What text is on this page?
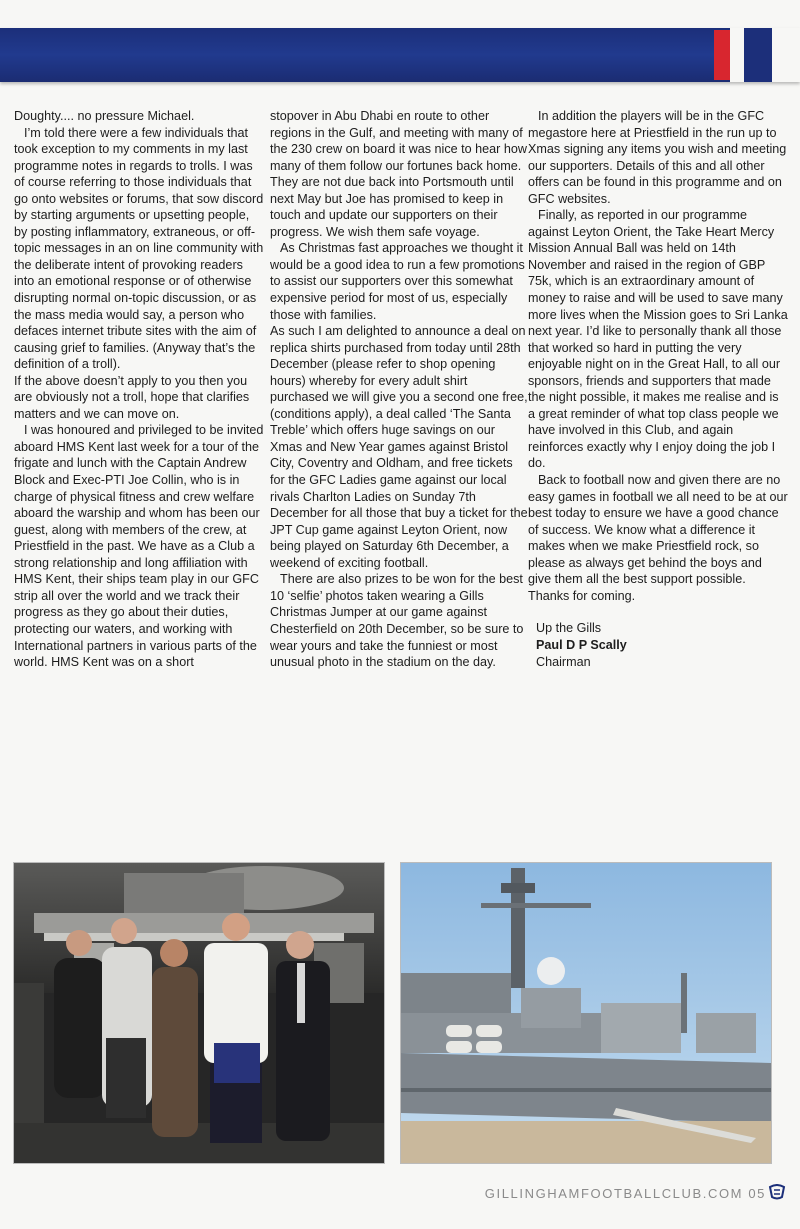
Doughty.... no pressure Michael.

I’m told there were a few individuals that took exception to my comments in my last programme notes in regards to trolls. I was of course referring to those individuals that go onto websites or forums, that sow discord by starting arguments or upsetting people, by posting inflammatory, extraneous, or off- topic messages in an on line community with the deliberate intent of provoking readers into an emotional response or of otherwise disrupting normal on-topic discussion, or as the mass media would say, a person who defaces internet tribute sites with the aim of causing grief to families. (Anyway that’s the definition of a troll).

If the above doesn’t apply to you then you are obviously not a troll, hope that clarifies matters and we can move on.

I was honoured and privileged to be invited aboard HMS Kent last week for a tour of the frigate and lunch with the Captain Andrew Block and Exec-PTI Joe Collin, who is in charge of physical fitness and crew welfare aboard the warship and whom has been our guest, along with members of the crew, at Priestfield in the past. We have as a Club a strong relationship and long affiliation with HMS Kent, their ships team play in our GFC strip all over the world and we track their progress as they go about their duties, protecting our waters, and working with International partners in various parts of the world. HMS Kent was on a short

stopover in Abu Dhabi en route to other regions in the Gulf, and meeting with many of the 230 crew on board it was nice to hear how many of them follow our fortunes back home. They are not due back into Portsmouth until next May but Joe has promised to keep in touch and update our supporters on their progress. We wish them safe voyage.

As Christmas fast approaches we thought it would be a good idea to run a few promotions to assist our supporters over this somewhat expensive period for most of us, especially those with families.

As such I am delighted to announce a deal on replica shirts purchased from today until 28th December (please refer to shop opening hours) whereby for every adult shirt purchased we will give you a second one free, (conditions apply), a deal called ‘The Santa Treble’ which offers huge savings on our Xmas and New Year games against Bristol City, Coventry and Oldham, and free tickets for the GFC Ladies game against our local rivals Charlton Ladies on Sunday 7th December for all those that buy a ticket for the JPT Cup game against Leyton Orient, now being played on Saturday 6th December, a weekend of exciting football.

There are also prizes to be won for the best 10 ‘selfie’ photos taken wearing a Gills Christmas Jumper at our game against Chesterfield on 20th December, so be sure to wear yours and take the funniest or most unusual photo in the stadium on the day.

In addition the players will be in the GFC megastore here at Priestfield in the run up to Xmas signing any items you wish and meeting our supporters. Details of this and all other offers can be found in this programme and on GFC websites.

Finally, as reported in our programme against Leyton Orient, the Take Heart Mercy Mission Annual Ball was held on 14th November and raised in the region of GBP 75k, which is an extraordinary amount of money to raise and will be used to save many more lives when the Mission goes to Sri Lanka next year. I’d like to personally thank all those that worked so hard in putting the very enjoyable night on in the Great Hall, to all our sponsors, friends and supporters that made the night possible, it makes me realise and is a great reminder of what top class people we have involved in this Club, and again reinforces exactly why I enjoy doing the job I do.

Back to football now and given there are no easy games in football we all need to be at our best today to ensure we have a good chance of success. We know what a difference it makes when we make Priestfield rock, so please as always get behind the boys and give them all the best support possible. Thanks for coming.

Up the Gills
Paul D P Scally
Chairman

GILLINGHAMFOOTBALLCLUB.COM 05
